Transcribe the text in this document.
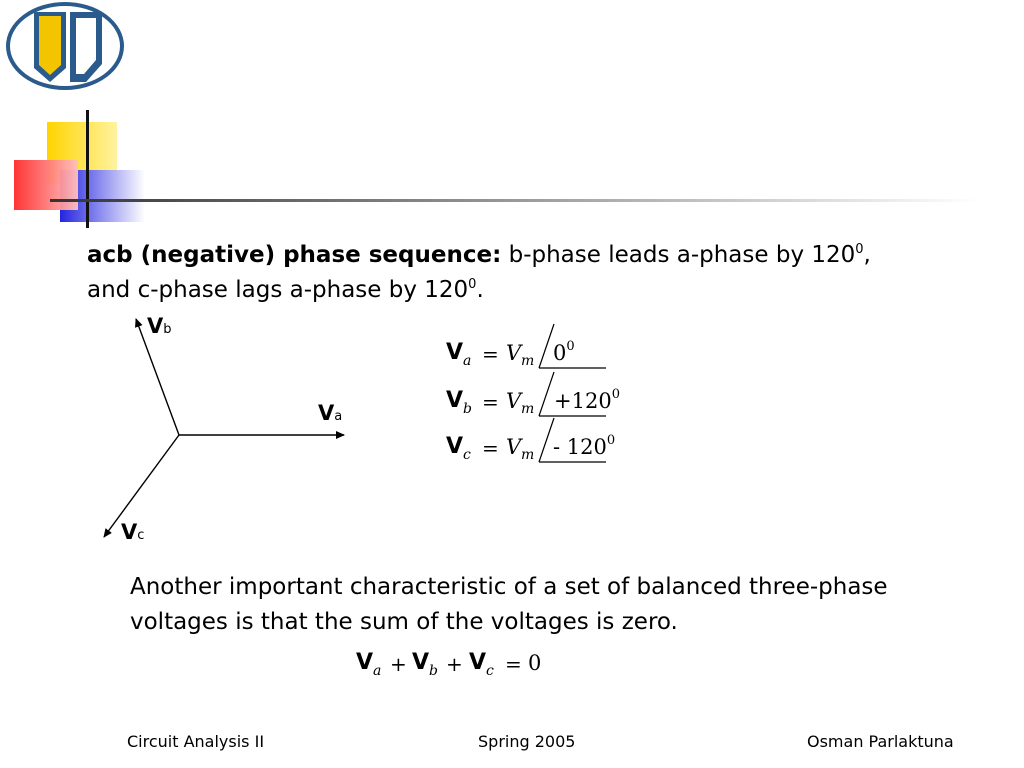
acb (negative) phase sequence: b-phase leads a-phase by $120^0$,
and c-phase lags a-phase by $120^0$.
Vb
Va
Vc
V a = V m $0^0$
V b = V $m +120^0$
V c = V m - $120^0$
Another important characteristic of a set of balanced three-phase voltages is that the sum of the voltages is zero.
V a + V b + V c = 0
Circuit Analysis II	Spring 2005	Osman Parlaktuna
